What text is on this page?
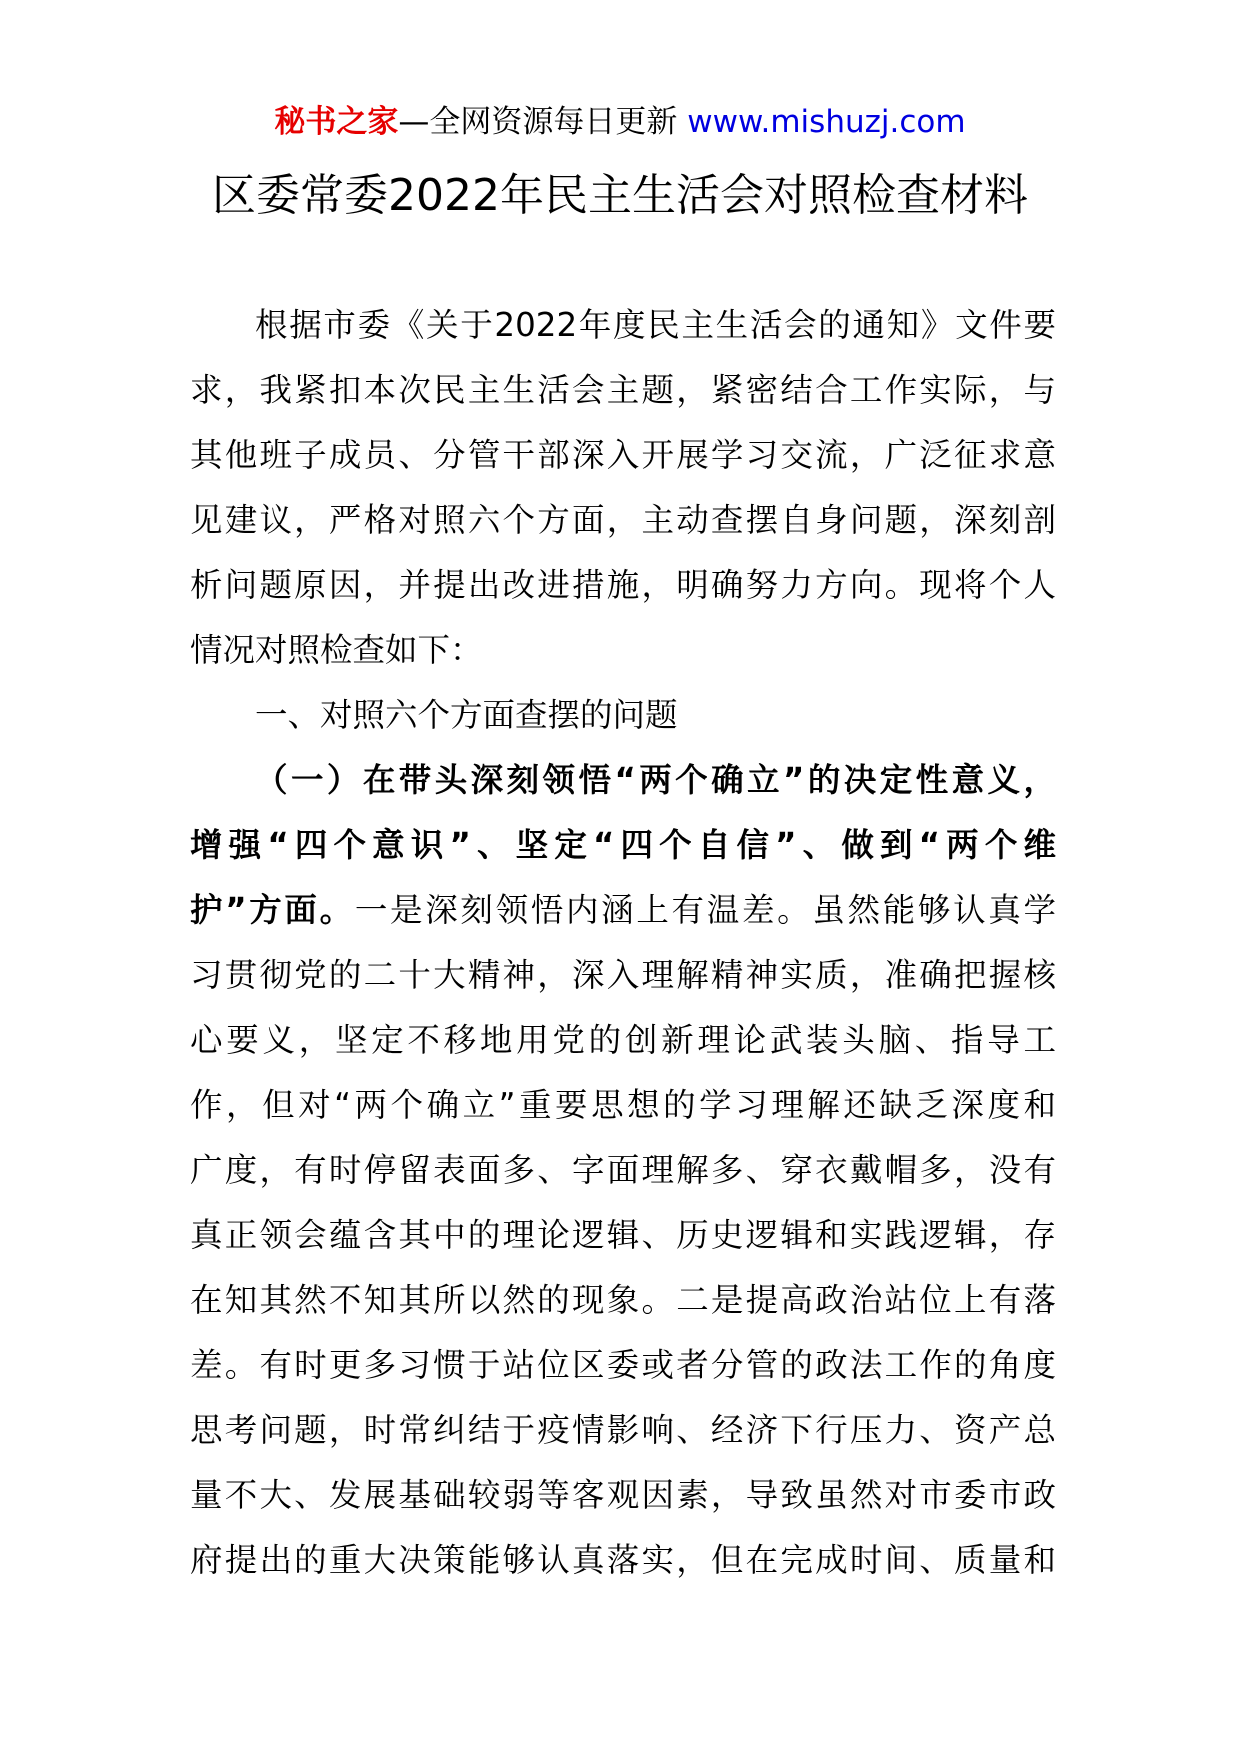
秘书之家—全网资源每日更新 www.mishuzj.com
区委常委2022年民主生活会对照检查材料
根据市委《关于2022年度民主生活会的通知》文件要
求，我紧扣本次民主生活会主题，紧密结合工作实际，与
其他班子成员、分管干部深入开展学习交流，广泛征求意
见建议，严格对照六个方面，主动查摆自身问题，深刻剖
析问题原因，并提出改进措施，明确努力方向。现将个人
情况对照检查如下：
一、对照六个方面查摆的问题
（一）在带头深刻领悟“两个确立”的决定性意义，
增强“四个意识”、坚定“四个自信”、做到“两个维
护”方面。一是深刻领悟内涵上有温差。虽然能够认真学
习贯彻党的二十大精神，深入理解精神实质，准确把握核
心要义，坚定不移地用党的创新理论武装头脑、指导工
作，但对“两个确立”重要思想的学习理解还缺乏深度和
广度，有时停留表面多、字面理解多、穿衣戴帽多，没有
真正领会蕴含其中的理论逻辑、历史逻辑和实践逻辑，存
在知其然不知其所以然的现象。二是提高政治站位上有落
差。有时更多习惯于站位区委或者分管的政法工作的角度
思考问题，时常纠结于疫情影响、经济下行压力、资产总
量不大、发展基础较弱等客观因素，导致虽然对市委市政
府提出的重大决策能够认真落实，但在完成时间、质量和
